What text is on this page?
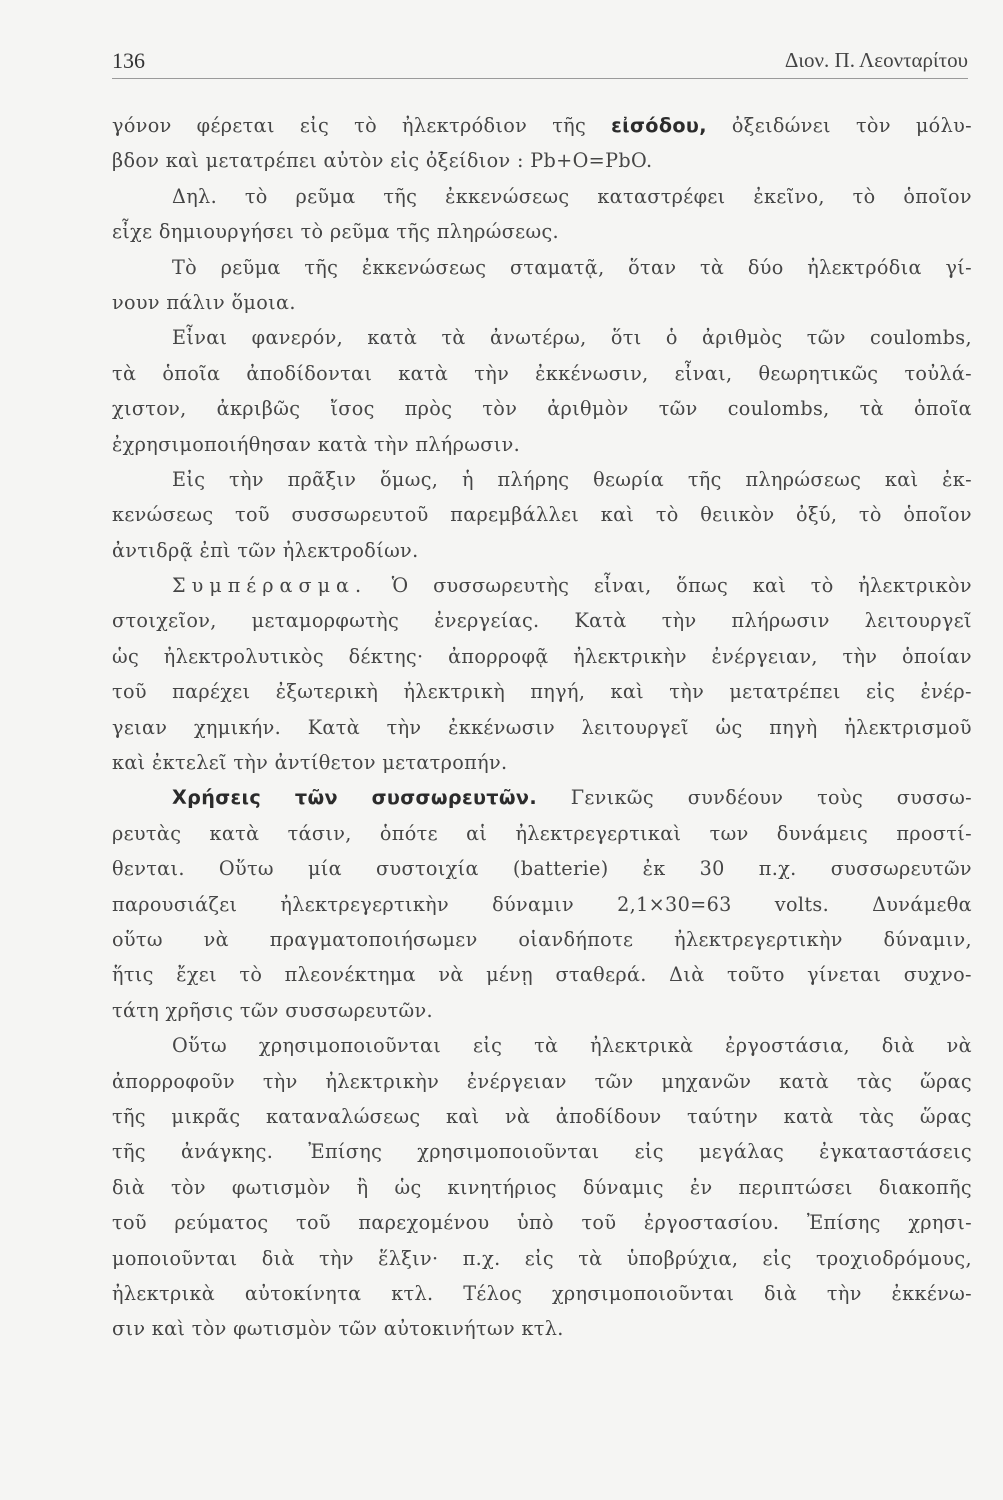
136	Διον. Π. Λεονταρίτου
γόνον φέρεται εἰς τὸ ἠλεκτρόδιον τῆς εἰσόδου, ὀξειδώνει τὸν μόλυ-
βδον καὶ μετατρέπει αὐτὸν εἰς ὀξείδιον : Pb+O=PbO.
Δηλ. τὸ ρεῦμα τῆς ἐκκενώσεως καταστρέφει ἐκεῖνο, τὸ ὁποῖον
εἶχε δημιουργήσει τὸ ρεῦμα τῆς πληρώσεως.
Τὸ ρεῦμα τῆς ἐκκενώσεως σταματᾷ, ὅταν τὰ δύο ἠλεκτρόδια γί-
νουν πάλιν ὅμοια.
Εἶναι φανερόν, κατὰ τὰ ἀνωτέρω, ὅτι ὁ ἀριθμὸς τῶν coulombs,
τὰ ὁποῖα ἀποδίδονται κατὰ τὴν ἐκκένωσιν, εἶναι, θεωρητικῶς τοὐλά-
χιστον, ἀκριβῶς ἴσος πρὸς τὸν ἀριθμὸν τῶν coulombs, τὰ ὁποῖα
ἐχρησιμοποιήθησαν κατὰ τὴν πλήρωσιν.
Εἰς τὴν πρᾶξιν ὅμως, ἡ πλήρης θεωρία τῆς πληρώσεως καὶ ἐκ-
κενώσεως τοῦ συσσωρευτοῦ παρεμβάλλει καὶ τὸ θειικὸν ὀξύ, τὸ ὁποῖον
ἀντιδρᾷ ἐπὶ τῶν ἠλεκτροδίων.
Συμπέρασμα. Ὁ συσσωρευτὴς εἶναι, ὅπως καὶ τὸ ἠλεκτρικὸν
στοιχεῖον, μεταμορφωτὴς ἐνεργείας. Κατὰ τὴν πλήρωσιν λειτουργεῖ
ὡς ἠλεκτρολυτικὸς δέκτης· ἀπορροφᾷ ἠλεκτρικὴν ἐνέργειαν, τὴν ὁποίαν
τοῦ παρέχει ἐξωτερικὴ ἠλεκτρικὴ πηγή, καὶ τὴν μετατρέπει εἰς ἐνέρ-
γειαν χημικήν. Κατὰ τὴν ἐκκένωσιν λειτουργεῖ ὡς πηγὴ ἠλεκτρισμοῦ
καὶ ἐκτελεῖ τὴν ἀντίθετον μετατροπήν.
Χρήσεις τῶν συσσωρευτῶν. Γενικῶς συνδέουν τοὺς συσσω-
ρευτὰς κατὰ τάσιν, ὁπότε αἱ ἠλεκτρεγερτικαὶ των δυνάμεις προστί-
θενται. Οὕτω μία συστοιχία (batterie) ἐκ 30 π.χ. συσσωρευτῶν
παρουσιάζει ἠλεκτρεγερτικὴν δύναμιν 2,1×30=63 volts. Δυνάμεθα
οὕτω νὰ πραγματοποιήσωμεν οἱανδήποτε ἠλεκτρεγερτικὴν δύναμιν,
ἥτις ἔχει τὸ πλεονέκτημα νὰ μένῃ σταθερά. Διὰ τοῦτο γίνεται συχνο-
τάτη χρῆσις τῶν συσσωρευτῶν.
Οὕτω χρησιμοποιοῦνται εἰς τὰ ἠλεκτρικὰ ἐργοστάσια, διὰ νὰ
ἀπορροφοῦν τὴν ἠλεκτρικὴν ἐνέργειαν τῶν μηχανῶν κατὰ τὰς ὥρας
τῆς μικρᾶς καταναλώσεως καὶ νὰ ἀποδίδουν ταύτην κατὰ τὰς ὥρας
τῆς ἀνάγκης. Ἐπίσης χρησιμοποιοῦνται εἰς μεγάλας ἐγκαταστάσεις
διὰ τὸν φωτισμὸν ἢ ὡς κινητήριος δύναμις ἐν περιπτώσει διακοπῆς
τοῦ ρεύματος τοῦ παρεχομένου ὑπὸ τοῦ ἐργοστασίου. Ἐπίσης χρησι-
μοποιοῦνται διὰ τὴν ἕλξιν· π.χ. εἰς τὰ ὑποβρύχια, εἰς τροχιοδρόμους,
ἠλεκτρικὰ αὐτοκίνητα κτλ. Τέλος χρησιμοποιοῦνται διὰ τὴν ἐκκένω-
σιν καὶ τὸν φωτισμὸν τῶν αὐτοκινήτων κτλ.
